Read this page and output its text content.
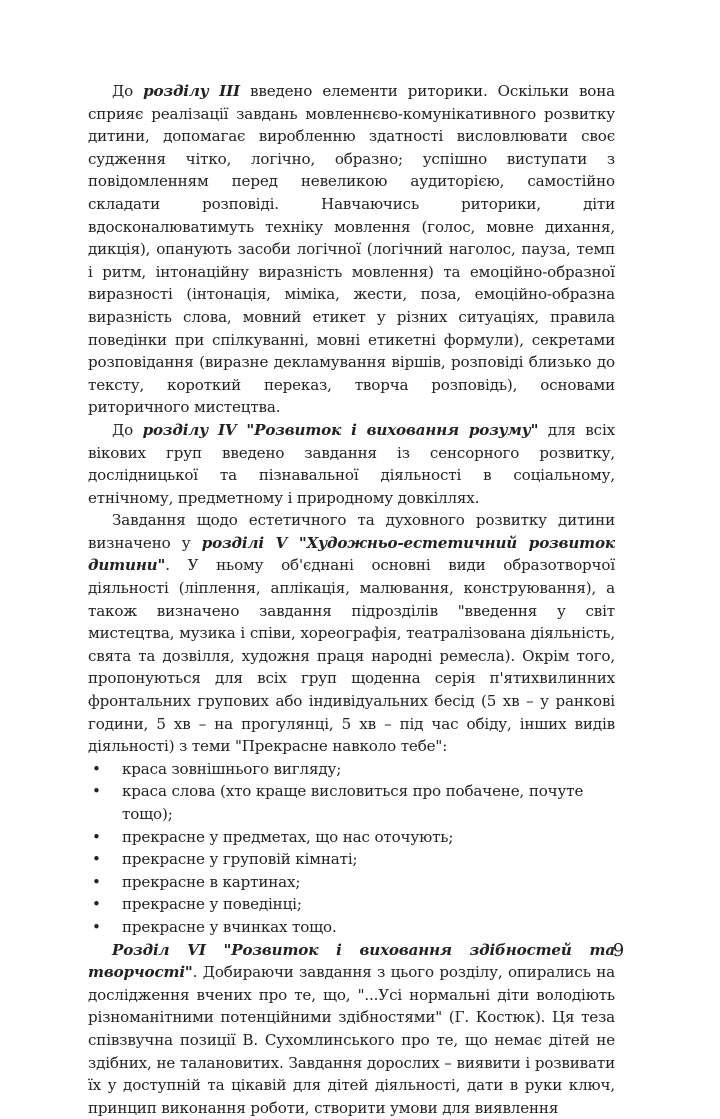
До розділу III введено елементи риторики. Оскільки вона сприяє реалізації завдань мовленнєво-комунікативного розвитку дитини, допомагає виробленню здатності висловлювати своє судження чітко, логічно, образно; успішно виступати з повідомленням перед невеликою аудиторією, самостійно складати розповіді. Навчаючись риторики, діти вдосконалюватимуть техніку мовлення (голос, мовне дихання, дикція), опанують засоби логічної (логічний наголос, пауза, темп і ритм, інтонаційну виразність мовлення) та емоційно-образної виразності (інтонація, міміка, жести, поза, емоційно-образна виразність слова, мовний етикет у різних ситуаціях, правила поведінки при спілкуванні, мовні етикетні формули), секретами розповідання (виразне декламування віршів, розповіді близько до тексту, короткий переказ, творча розповідь), основами риторичного мистецтва.

До розділу IV "Розвиток і виховання розуму" для всіх вікових груп введено завдання із сенсорного розвитку, дослідницької та пізнавальної діяльності в соціальному, етнічному, предметному і природному довкіллях.

Завдання щодо естетичного та духовного розвитку дитини визначено у розділі V "Художньо-естетичний розвиток дитини". У ньому об'єднані основні види образотворчої діяльності (ліплення, аплікація, малювання, конструювання), а також визначено завдання підрозділів "введення у світ мистецтва, музика і співи, хореографія, театралізована діяльність, свята та дозвілля, художня праця народні ремесла). Окрім того, пропонуються для всіх груп щоденна серія п'ятихвилинних фронтальних групових або індивідуальних бесід (5 хв – у ранкові години, 5 хв – на прогулянці, 5 хв – під час обіду, інших видів діяльності) з теми "Прекрасне навколо тебе":

• краса зовнішнього вигляду;
• краса слова (хто краще висловиться про побачене, почуте тощо);
• прекрасне у предметах, що нас оточують;
• прекрасне у груповій кімнаті;
• прекрасне в картинах;
• прекрасне у поведінці;
• прекрасне у вчинках тощо.

Розділ VI "Розвиток і виховання здібностей та творчості". Добираючи завдання з цього розділу, опирались на дослідження вчених про те, що, "...Усі нормальні діти володіють різноманітними потенційними здібностями" (Г. Костюк). Ця теза співзвучна позиції В. Сухомлинського про те, що немає дітей не здібних, не талановитих. Завдання дорослих – виявити і розвивати їх у доступній та цікавій для дітей діяльності, дати в руки ключ, принцип виконання роботи, створити умови для виявлення

9
